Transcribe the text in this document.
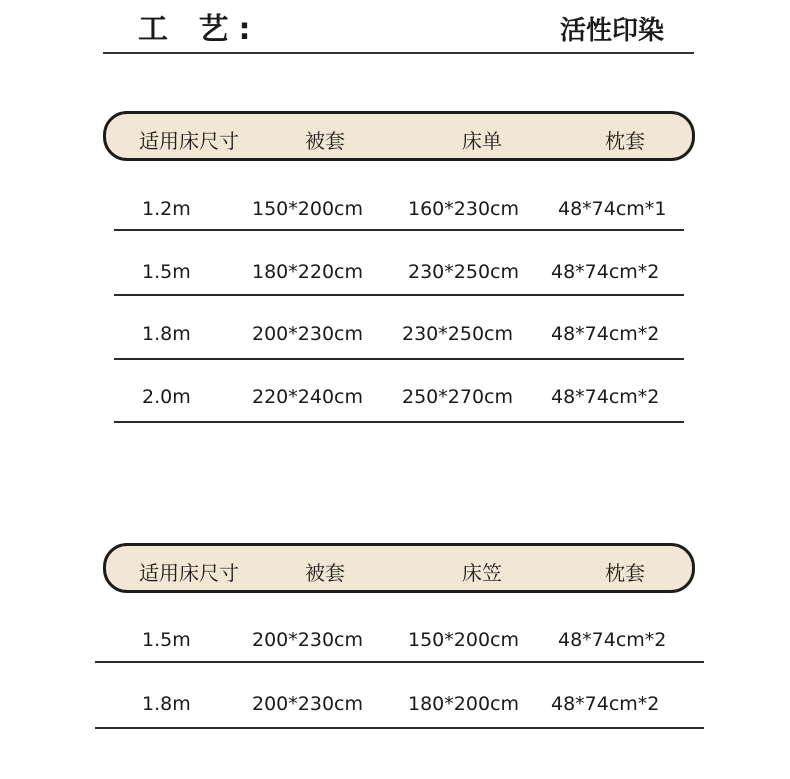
工 艺:	活性印染
适用床尺寸	被套	床单	枕套
1.2m	150*200cm 160*230cm 48*74cm*1
1.5m	180*220cm 230*250cm 48*74cm*2
1.8m	200*230cm 230*250cm 48*74cm*2
2.0m	220*240cm 250*270cm 48*74cm*2
适用床尺寸	被套	床笠	枕套
1.5m	200*230cm 150*200cm 48*74cm*2
1.8m	200*230cm 180*200cm 48*74cm*2
